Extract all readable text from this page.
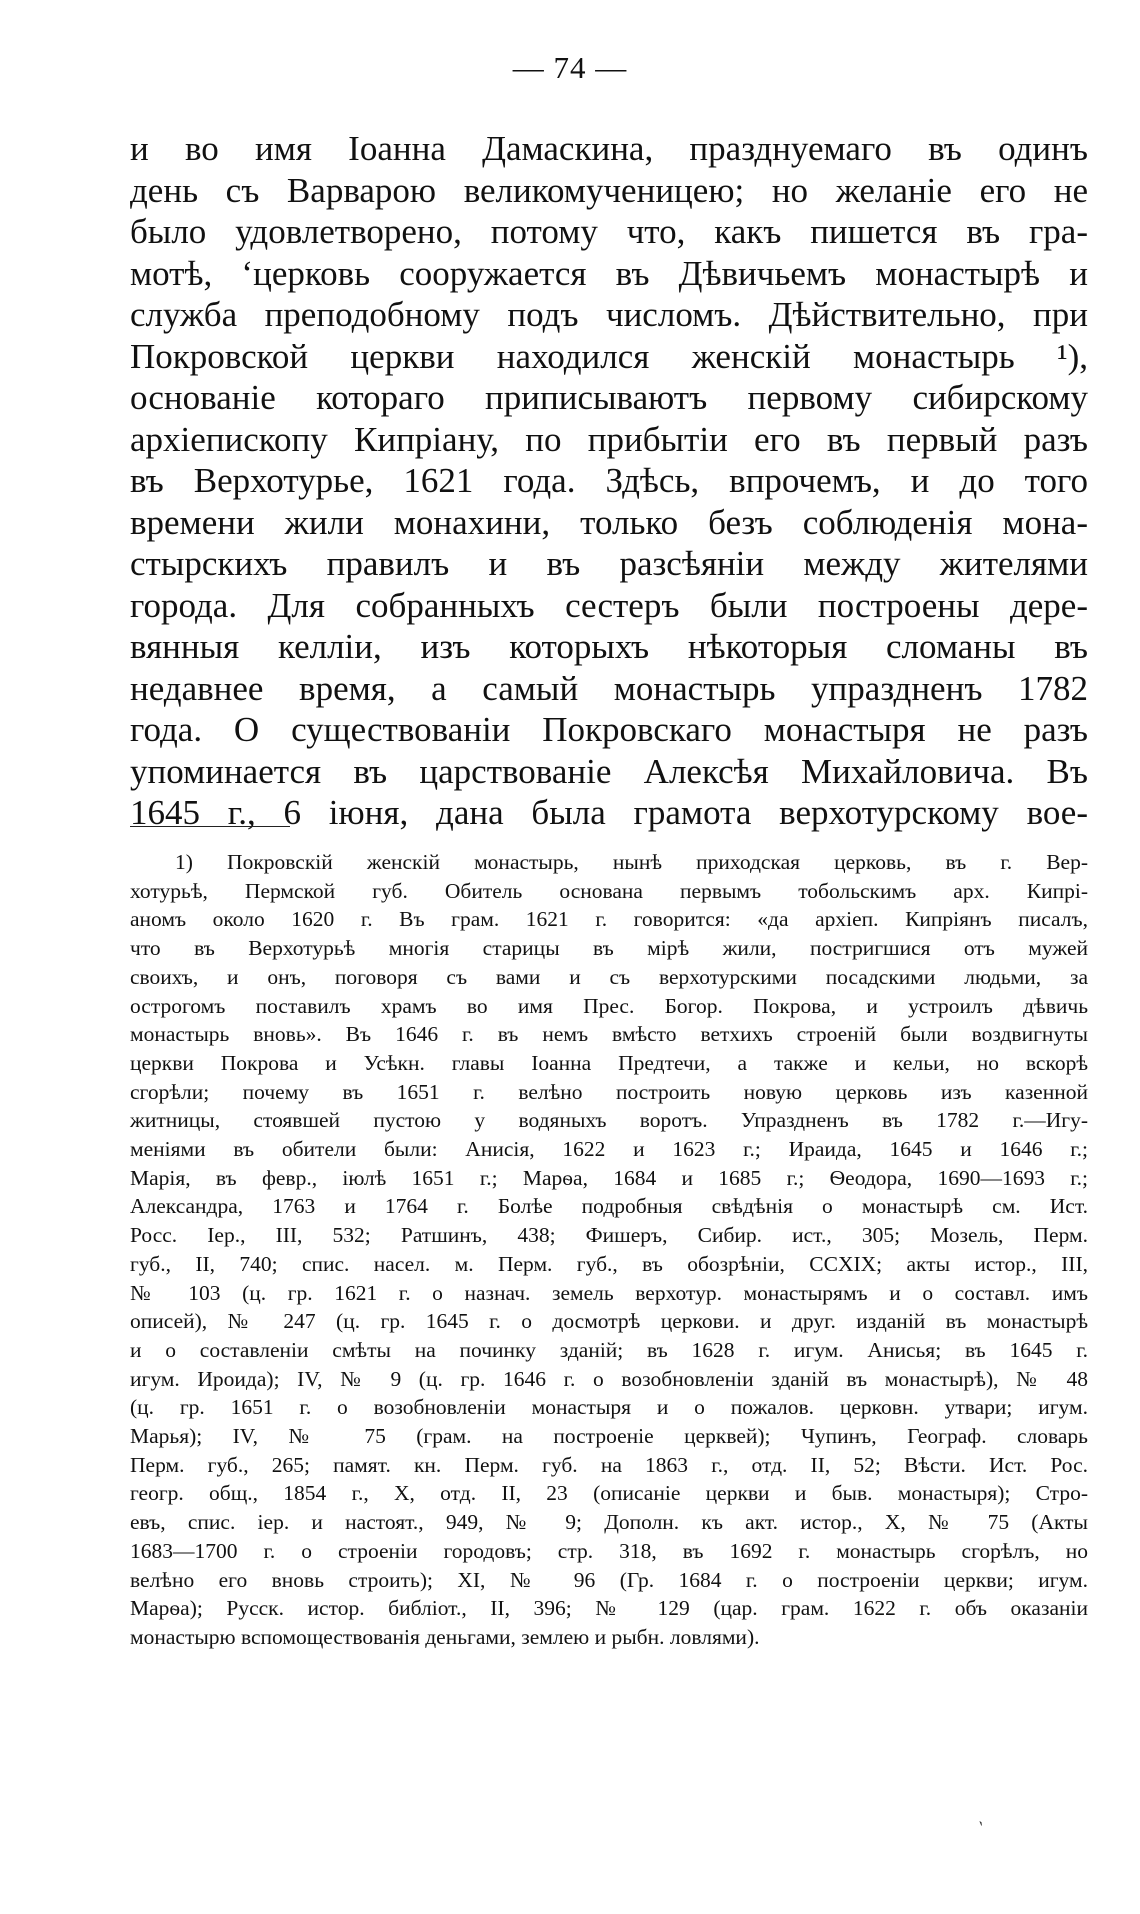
— 74 —
и во имя Іоанна Дамаскина, празднуемаго въ одинъ
день съ Варварою великомученицею; но желаніе его не
было удовлетворено, потому что, какъ пишется въ гра-
мотѣ, ʻцерковь сооружается въ Дѣвичьемъ монастырѣ и
служба преподобному подъ числомъ. Дѣйствительно, при
Покровской церкви находился женскій монастырь ¹),
основаніе котораго приписываютъ первому сибирскому
архіепископу Кипріану, по прибытіи его въ первый разъ
въ Верхотурье, 1621 года. Здѣсь, впрочемъ, и до того
времени жили монахини, только безъ соблюденія мона-
стырскихъ правилъ и въ разсѣяніи между жителями
города. Для собранныхъ сестеръ были построены дере-
вянныя келліи, изъ которыхъ нѣкоторыя сломаны въ
недавнее время, а самый монастырь упраздненъ 1782
года. О существованіи Покровскаго монастыря не разъ
упоминается въ царствованіе Алексѣя Михайловича. Въ
1645 г., 6 іюня, дана была грамота верхотурскому вое-
1) Покровскій женскій монастырь, нынѣ приходская церковь, въ г. Вер-
хотурьѣ, Пермской губ. Обитель основана первымъ тобольскимъ арх. Кипрі-
аномъ около 1620 г. Въ грам. 1621 г. говорится: «да архіеп. Кипріянъ писалъ,
что въ Верхотурьѣ многія старицы въ мірѣ жили, постригшися отъ мужей
своихъ, и онъ, поговоря съ вами и съ верхотурскими посадскими людьми, за
острогомъ поставилъ храмъ во имя Прес. Богор. Покрова, и устроилъ дѣвичь
монастырь вновь». Въ 1646 г. въ немъ вмѣсто ветхихъ строеній были воздвигнуты
церкви Покрова и Усѣкн. главы Іоанна Предтечи, а также и кельи, но вскорѣ
сгорѣли; почему въ 1651 г. велѣно построить новую церковь изъ казенной
житницы, стоявшей пустою у водяныхъ воротъ. Упраздненъ въ 1782 г.—Игу-
меніями въ обители были: Анисія, 1622 и 1623 г.; Ираида, 1645 и 1646 г.;
Марія, въ февр., іюлѣ 1651 г.; Марѳа, 1684 и 1685 г.; Ѳеодора, 1690—1693 г.;
Александра, 1763 и 1764 г. Болѣе подробныя свѣдѣнія о монастырѣ см. Ист.
Росс. Іер., III, 532; Ратшинъ, 438; Фишеръ, Сибир. ист., 305; Мозель, Перм.
губ., II, 740; спис. насел. м. Перм. губ., въ обозрѣніи, CCXIX; акты истор., III,
№ 103 (ц. гр. 1621 г. о назнач. земель верхотур. монастырямъ и о составл. имъ
описей), № 247 (ц. гр. 1645 г. о досмотрѣ церкови. и друг. изданій въ монастырѣ
и о составленіи смѣты на починку зданій; въ 1628 г. игум. Анисья; въ 1645 г.
игум. Ироида); IV, № 9 (ц. гр. 1646 г. о возобновленіи зданій въ монастырѣ), № 48
(ц. гр. 1651 г. о возобновленіи монастыря и о пожалов. церковн. утвари; игум.
Марья); IV, № 75 (грам. на построеніе церквей); Чупинъ, Географ. словарь
Перм. губ., 265; памят. кн. Перм. губ. на 1863 г., отд. II, 52; Вѣсти. Ист. Рос.
геогр. общ., 1854 г., X, отд. II, 23 (описаніе церкви и быв. монастыря); Стро-
евъ, спис. іер. и настоят., 949, № 9; Дополн. къ акт. истор., X, № 75 (Акты
1683—1700 г. о строеніи городовъ; стр. 318, въ 1692 г. монастырь сгорѣлъ, но
велѣно его вновь строить); XI, № 96 (Гр. 1684 г. о построеніи церкви; игум.
Марѳа); Русск. истор. библіот., II, 396; № 129 (цар. грам. 1622 г. объ оказаніи
монастырю вспомоществованія деньгами, землею и рыбн. ловлями).
`
